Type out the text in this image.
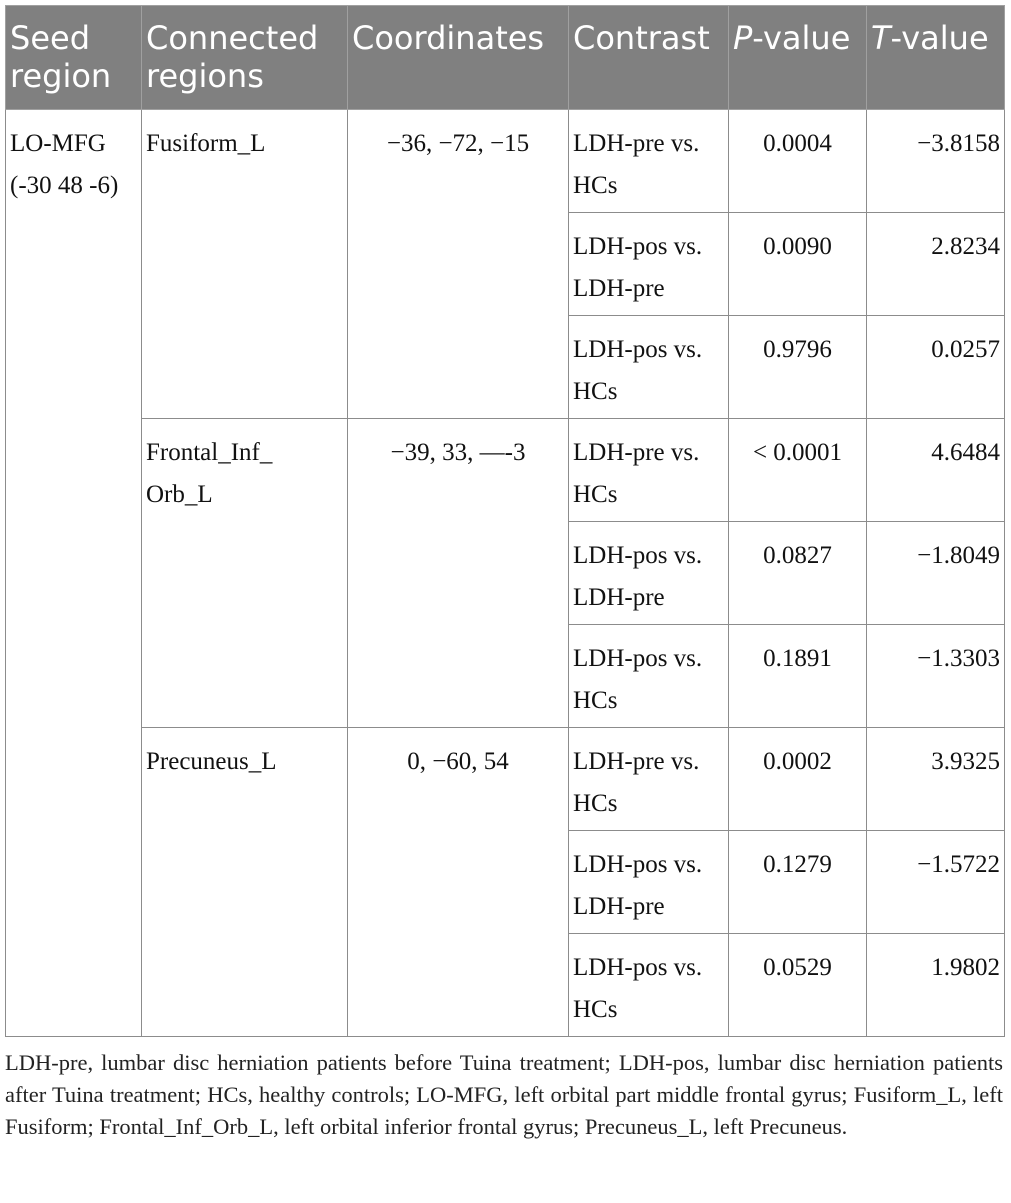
Seed region	Connected regions	Coordinates	Contrast	P-value	T-value

LO-MFG
(-30 48 -6)	Fusiform_L	−36, −72, −15	LDH-pre vs. HCs	0.0004	−3.8158
			LDH-pos vs. LDH-pre	0.0090	2.8234
			LDH-pos vs. HCs	0.9796	0.0257
	Frontal_Inf_ Orb_L	−39, 33, —-3	LDH-pre vs. HCs	< 0.0001	4.6484
			LDH-pos vs. LDH-pre	0.0827	−1.8049
			LDH-pos vs. HCs	0.1891	−1.3303
	Precuneus_L	0, −60, 54	LDH-pre vs. HCs	0.0002	3.9325
			LDH-pos vs. LDH-pre	0.1279	−1.5722
			LDH-pos vs. HCs	0.0529	1.9802

LDH-pre, lumbar disc herniation patients before Tuina treatment; LDH-pos, lumbar disc herniation patients after Tuina treatment; HCs, healthy controls; LO-MFG, left orbital part middle frontal gyrus; Fusiform_L, left Fusiform; Frontal_Inf_Orb_L, left orbital inferior frontal gyrus; Precuneus_L, left Precuneus.
